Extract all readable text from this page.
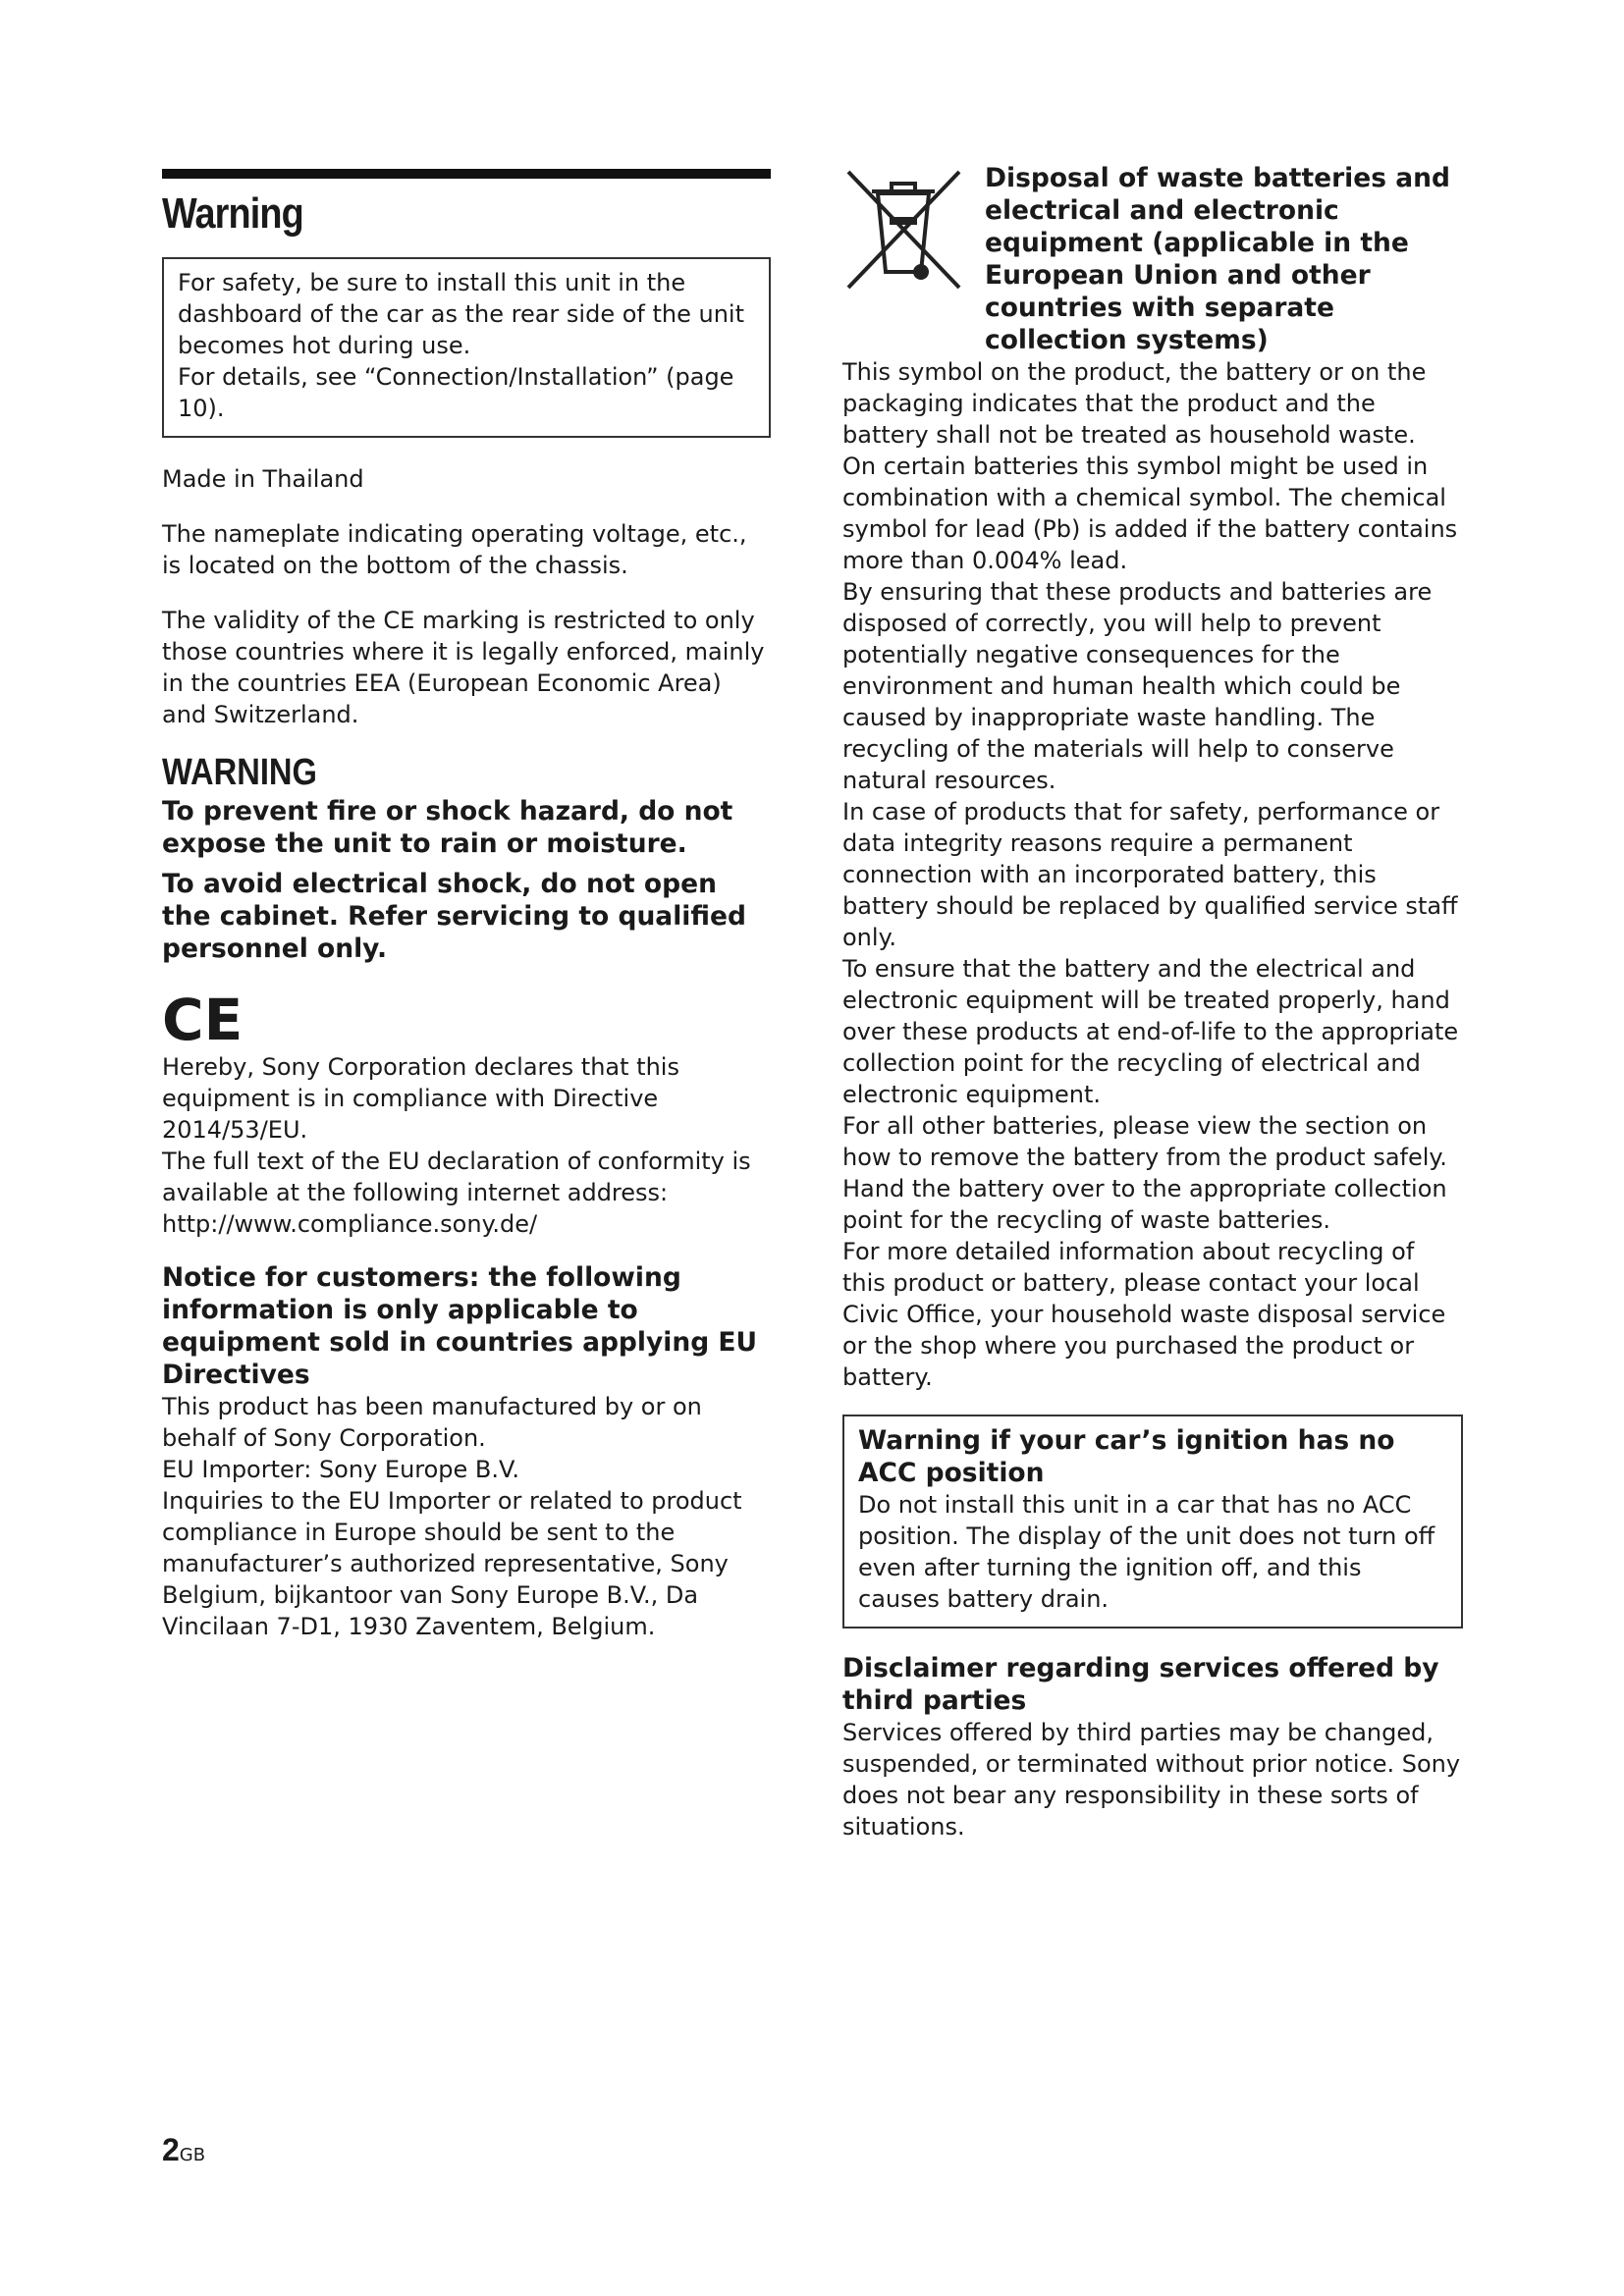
Warning

For safety, be sure to install this unit in the dashboard of the car as the rear side of the unit becomes hot during use.

For details, see “Connection/Installation” (page 10).

Made in Thailand

The nameplate indicating operating voltage, etc., is located on the bottom of the chassis.

The validity of the CE marking is restricted to only those countries where it is legally enforced, mainly in the countries EEA (European Economic Area) and Switzerland.

WARNING

To prevent fire or shock hazard, do not expose the unit to rain or moisture.

To avoid electrical shock, do not open the cabinet. Refer servicing to qualified personnel only.

CE

Hereby, Sony Corporation declares that this equipment is in compliance with Directive 2014/53/EU.

The full text of the EU declaration of conformity is available at the following internet address:

http://www.compliance.sony.de/

Notice for customers: the following information is only applicable to equipment sold in countries applying EU Directives

This product has been manufactured by or on behalf of Sony Corporation.

EU Importer: Sony Europe B.V.

Inquiries to the EU Importer or related to product compliance in Europe should be sent to the manufacturer’s authorized representative, Sony Belgium, bijkantoor van Sony Europe B.V., Da Vincilaan 7-D1, 1930 Zaventem, Belgium.

Disposal of waste batteries and electrical and electronic equipment (applicable in the European Union and other countries with separate collection systems)

This symbol on the product, the battery or on the packaging indicates that the product and the battery shall not be treated as household waste.

On certain batteries this symbol might be used in combination with a chemical symbol. The chemical symbol for lead (Pb) is added if the battery contains more than 0.004% lead.

By ensuring that these products and batteries are disposed of correctly, you will help to prevent potentially negative consequences for the environment and human health which could be caused by inappropriate waste handling. The recycling of the materials will help to conserve natural resources.

In case of products that for safety, performance or data integrity reasons require a permanent connection with an incorporated battery, this battery should be replaced by qualified service staff only.

To ensure that the battery and the electrical and electronic equipment will be treated properly, hand over these products at end-of-life to the appropriate collection point for the recycling of electrical and electronic equipment.

For all other batteries, please view the section on how to remove the battery from the product safely. Hand the battery over to the appropriate collection point for the recycling of waste batteries.

For more detailed information about recycling of this product or battery, please contact your local Civic Office, your household waste disposal service or the shop where you purchased the product or battery.

Warning if your car’s ignition has no ACC position

Do not install this unit in a car that has no ACC position. The display of the unit does not turn off even after turning the ignition off, and this causes battery drain.

Disclaimer regarding services offered by third parties

Services offered by third parties may be changed, suspended, or terminated without prior notice. Sony does not bear any responsibility in these sorts of situations.

2GB
